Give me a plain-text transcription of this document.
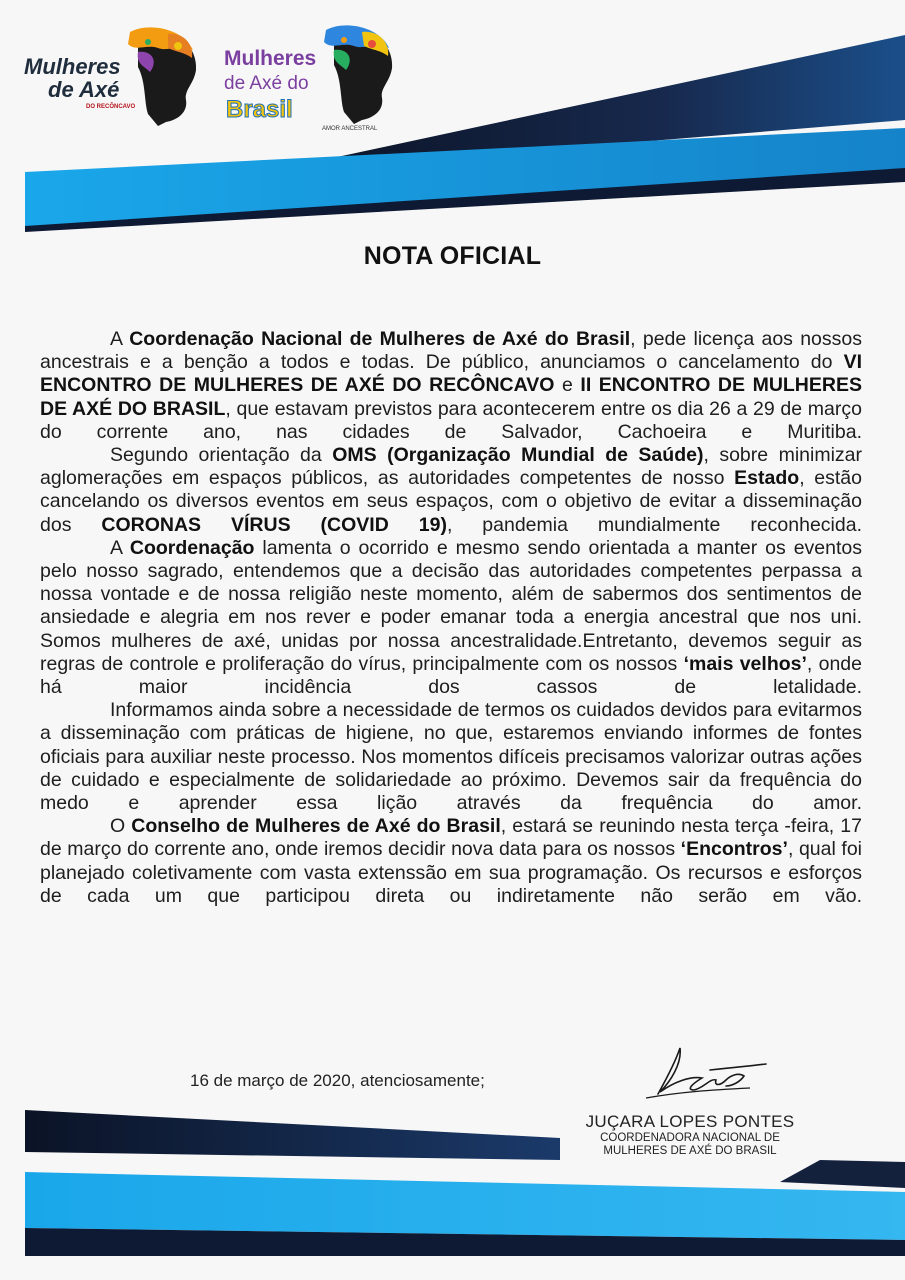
Mulheres
de Axé
DO RECÔNCAVO
Mulheres
de Axé do
Brasil
AMOR ANCESTRAL
NOTA OFICIAL

A Coordenação Nacional de Mulheres de Axé do Brasil, pede licença aos nossos ancestrais e a benção a todos e todas. De público, anunciamos o cancelamento do VI ENCONTRO DE MULHERES DE AXÉ DO RECÔNCAVO e II ENCONTRO DE MULHERES DE AXÉ DO BRASIL, que estavam previstos para acontecerem entre os dia 26 a 29 de março do corrente ano, nas cidades de Salvador, Cachoeira e Muritiba.

Segundo orientação da OMS (Organização Mundial de Saúde), sobre minimizar aglomerações em espaços públicos, as autoridades competentes de nosso Estado, estão cancelando os diversos eventos em seus espaços, com o objetivo de evitar a disseminação dos CORONAS VÍRUS (COVID 19), pandemia mundialmente reconhecida.

A Coordenação lamenta o ocorrido e mesmo sendo orientada a manter os eventos pelo nosso sagrado, entendemos que a decisão das autoridades competentes perpassa a nossa vontade e de nossa religião neste momento, além de sabermos dos sentimentos de ansiedade e alegria em nos rever e poder emanar toda a energia ancestral que nos uni. Somos mulheres de axé, unidas por nossa ancestralidade.Entretanto, devemos seguir as regras de controle e proliferação do vírus, principalmente com os nossos ‘mais velhos’, onde há maior incidência dos cassos de letalidade.

Informamos ainda sobre a necessidade de termos os cuidados devidos para evitarmos a disseminação com práticas de higiene, no que, estaremos enviando informes de fontes oficiais para auxiliar neste processo. Nos momentos difíceis precisamos valorizar outras ações de cuidado e especialmente de solidariedade ao próximo. Devemos sair da frequência do medo e aprender essa lição através da frequência do amor.

O Conselho de Mulheres de Axé do Brasil, estará se reunindo nesta terça -feira, 17 de março do corrente ano, onde iremos decidir nova data para os nossos ‘Encontros’, qual foi planejado coletivamente com vasta extenssão em sua programação. Os recursos e esforços de cada um que participou direta ou indiretamente não serão em vão.

16 de março de 2020, atenciosamente;
JUÇARA LOPES PONTES
COORDENADORA NACIONAL DE
MULHERES DE AXÉ DO BRASIL
